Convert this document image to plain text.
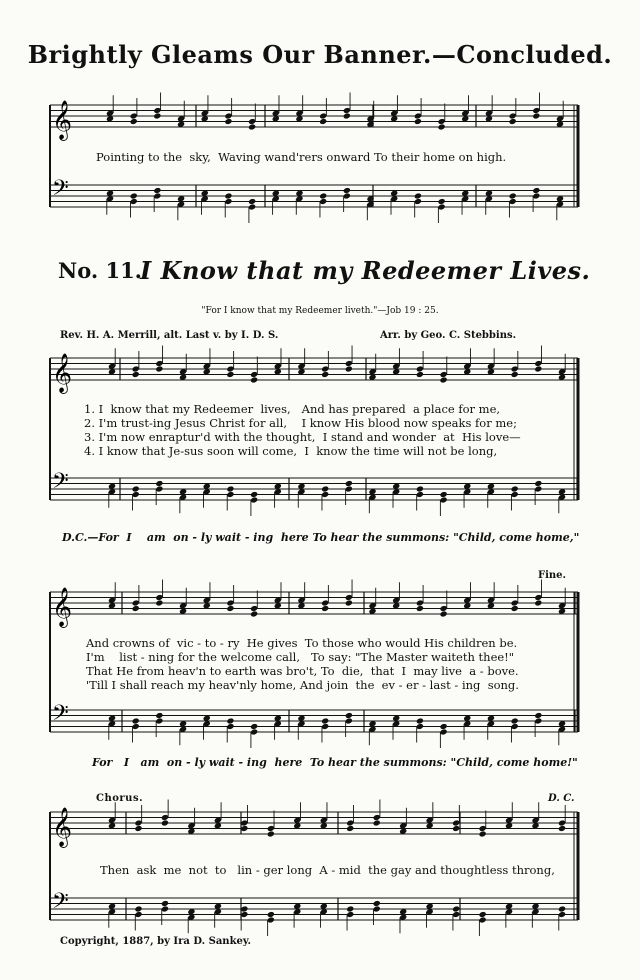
Brightly Gleams Our Banner.—Concluded.
𝄞
𝄢
𝄞
𝄢
𝄞
𝄢
𝄞
𝄢
Pointing to the  sky,  Waving wand'rers onward To their home on high.
No. 11.
I Know that my Redeemer Lives.
"For I know that my Redeemer liveth."—Job 19 : 25.
Rev. H. A. Merrill, alt. Last v. by I. D. S.	Arr. by Geo. C. Stebbins.
1. I  know that my Redeemer  lives,   And has prepared  a place for me,
2. I'm trust-ing Jesus Christ for all,    I know His blood now speaks for me;
3. I'm now enraptur'd with the thought,  I stand and wonder  at  His love—
4. I know that Je-sus soon will come,  I  know the time will not be long,
D.C.—For  I    am  on - ly wait - ing  here To hear the summons: "Child, come home,"
Fine.
And crowns of  vic - to - ry  He gives  To those who would His children be.
I'm    list - ning for the welcome call,   To say: "The Master waiteth thee!"
That He from heav'n to earth was bro't, To  die,  that  I  may live  a - bove.
'Till I shall reach my heav'nly home, And join  the  ev - er - last - ing  song.
For   I   am  on - ly wait - ing  here  To hear the summons: "Child, come home!"
Chorus.	D. C.
Then  ask  me  not  to   lin - ger long  A - mid  the gay and thoughtless throng,
Copyright, 1887, by Ira D. Sankey.
